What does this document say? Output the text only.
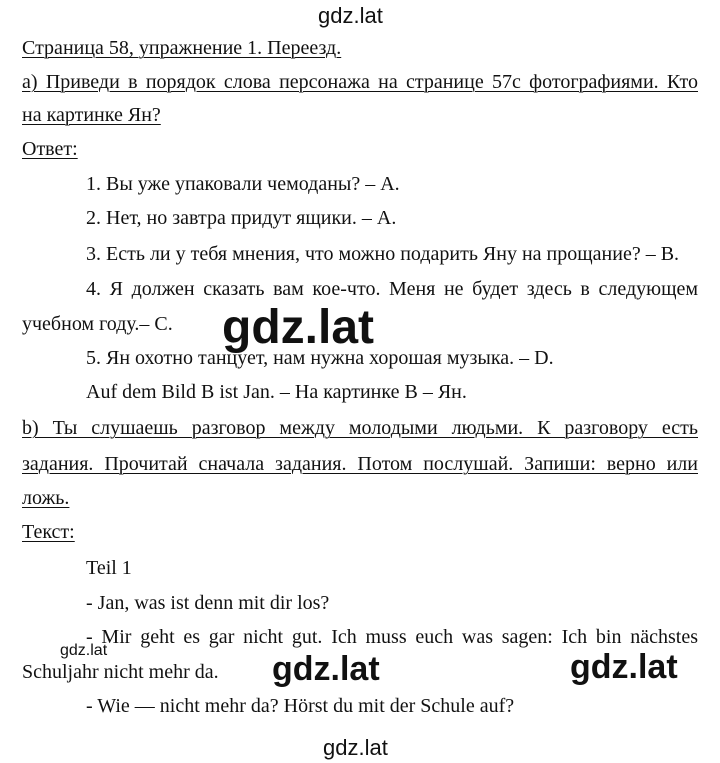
gdz.lat
Страница 58, упражнение 1. Переезд.
a) Приведи в порядок слова персонажа на странице 57с фотографиями. Кто
на картинке Ян?
Ответ:
1. Вы уже упаковали чемоданы? – А.
2. Нет, но завтра придут ящики. – А.
3. Есть ли у тебя мнения, что можно подарить Яну на прощание? – B.
4. Я должен сказать вам кое-что. Меня не будет здесь в следующем
учебном году.– С.
5. Ян охотно танцует, нам нужна хорошая музыка. – D.
Auf dem Bild B ist Jan. – На картинке В – Ян.
gdz.lat
b) Ты слушаешь разговор между молодыми людьми. К разговору есть
задания. Прочитай сначала задания. Потом послушай. Запиши: верно или
ложь.
Текст:
Teil 1
- Jan, was ist denn mit dir los?
- Mir geht es gar nicht gut. Ich muss euch was sagen: Ich bin nächstes
Schuljahr nicht mehr da.
- Wie — nicht mehr da? Hörst du mit der Schule auf?
gdz.lat	gdz.lat	gdz.lat
gdz.lat
